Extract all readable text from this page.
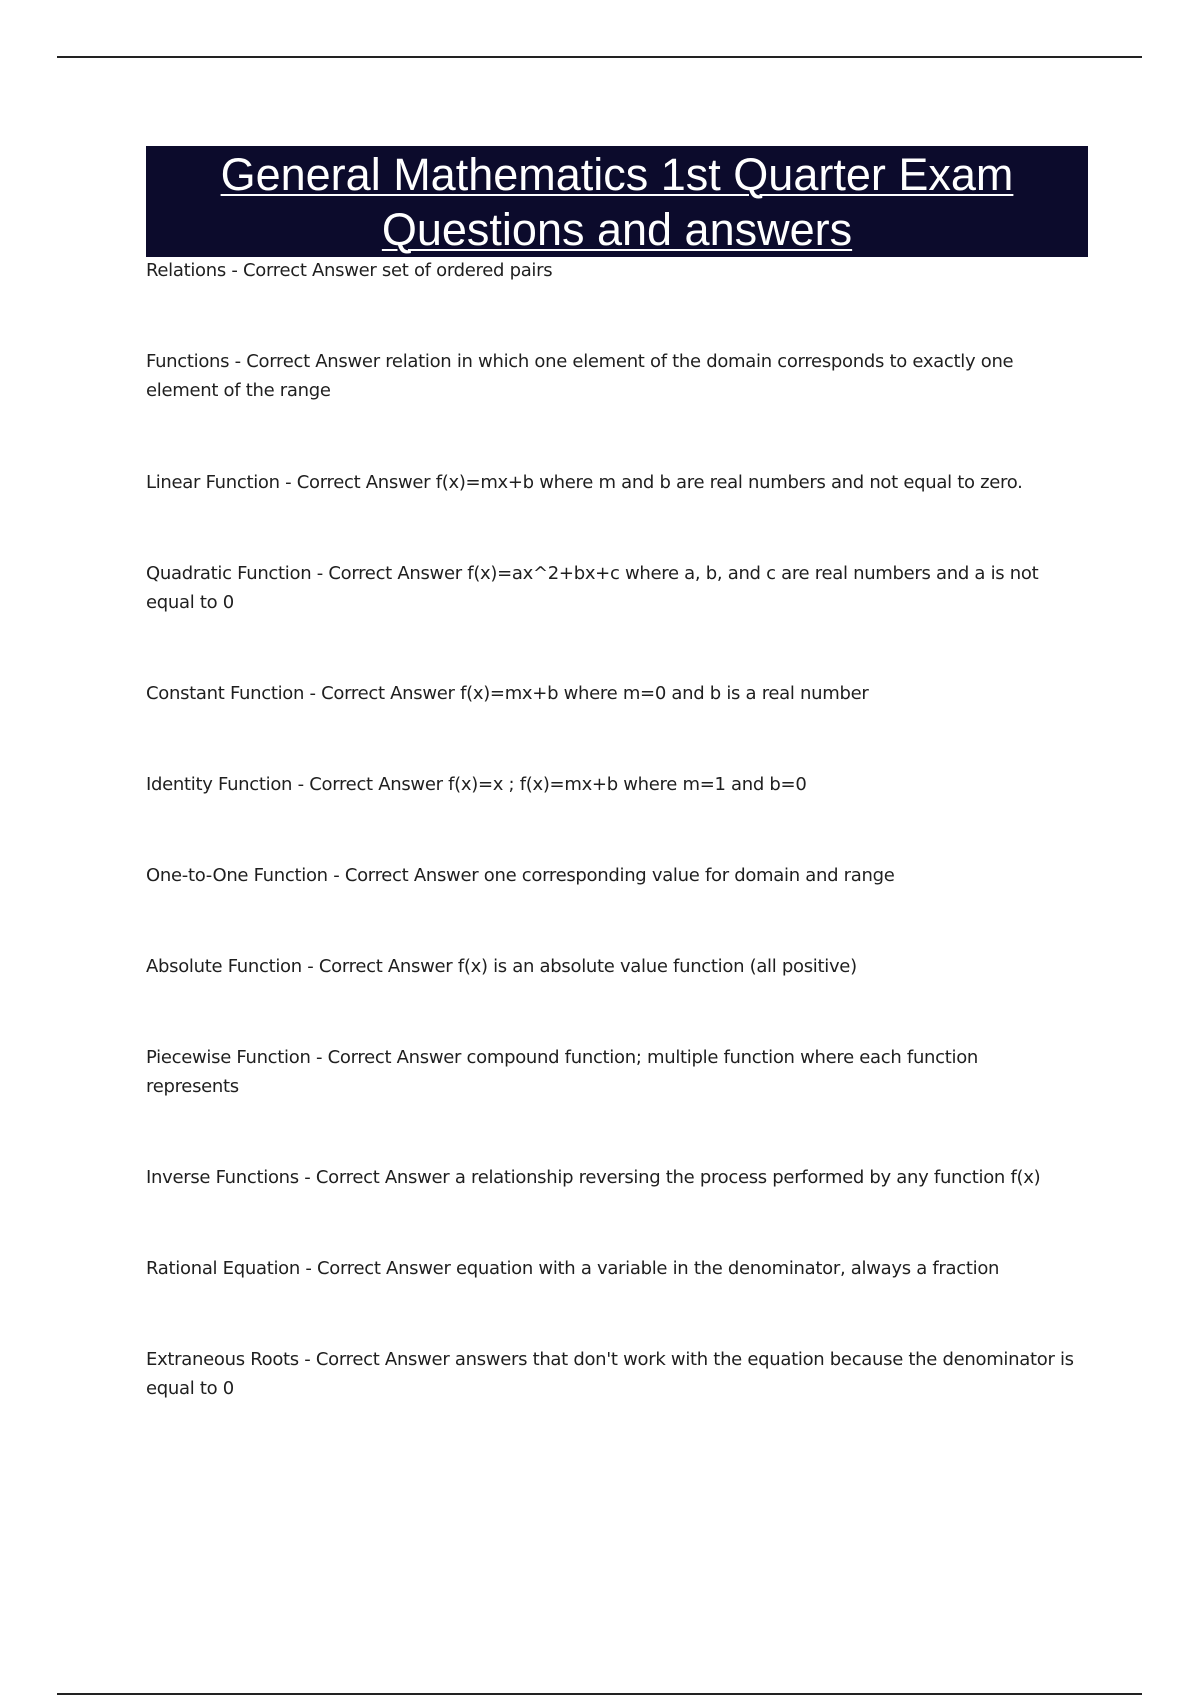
General Mathematics 1st Quarter Exam
Questions and answers

Relations - Correct Answer set of ordered pairs

Functions - Correct Answer relation in which one element of the domain corresponds to exactly one element of the range

Linear Function - Correct Answer f(x)=mx+b where m and b are real numbers and not equal to zero.

Quadratic Function - Correct Answer f(x)=ax^2+bx+c where a, b, and c are real numbers and a is not equal to 0

Constant Function - Correct Answer f(x)=mx+b where m=0 and b is a real number

Identity Function - Correct Answer f(x)=x ; f(x)=mx+b where m=1 and b=0

One-to-One Function - Correct Answer one corresponding value for domain and range

Absolute Function - Correct Answer f(x) is an absolute value function (all positive)

Piecewise Function - Correct Answer compound function; multiple function where each function represents

Inverse Functions - Correct Answer a relationship reversing the process performed by any function f(x)

Rational Equation - Correct Answer equation with a variable in the denominator, always a fraction

Extraneous Roots - Correct Answer answers that don't work with the equation because the denominator is equal to 0
